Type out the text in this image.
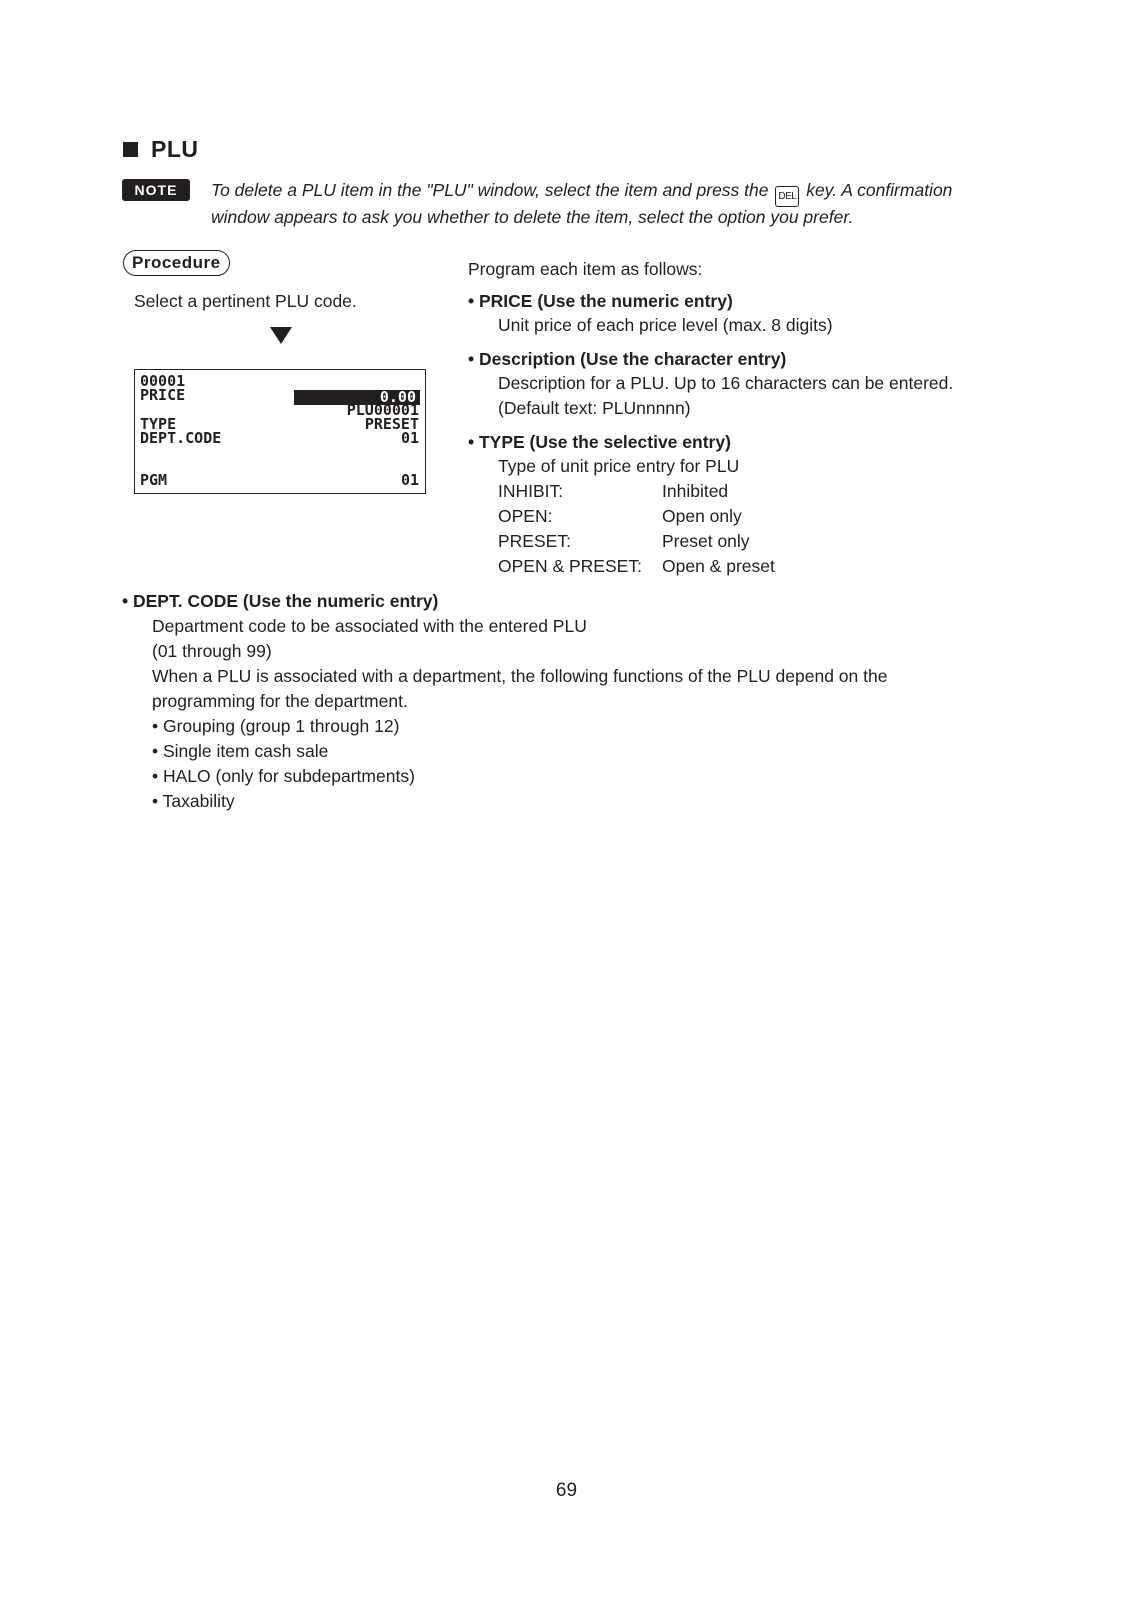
PLU
NOTE	To delete a PLU item in the "PLU" window, select the item and press the DEL key. A confirmation
window appears to ask you whether to delete the item, select the option you prefer.
Procedure
Select a pertinent PLU code.
00001
PRICE	0.00
PLU00001
TYPE	PRESET
DEPT.CODE	01
PGM	01
Program each item as follows:
• PRICE (Use the numeric entry)
Unit price of each price level (max. 8 digits)
• Description (Use the character entry)
Description for a PLU. Up to 16 characters can be entered.
(Default text: PLUnnnnn)
• TYPE (Use the selective entry)
Type of unit price entry for PLU
INHIBIT:	Inhibited
OPEN:	Open only
PRESET:	Preset only
OPEN & PRESET: Open & preset
• DEPT. CODE (Use the numeric entry)
Department code to be associated with the entered PLU
(01 through 99)
When a PLU is associated with a department, the following functions of the PLU depend on the
programming for the department.
• Grouping (group 1 through 12)
• Single item cash sale
• HALO (only for subdepartments)
• Taxability
69
